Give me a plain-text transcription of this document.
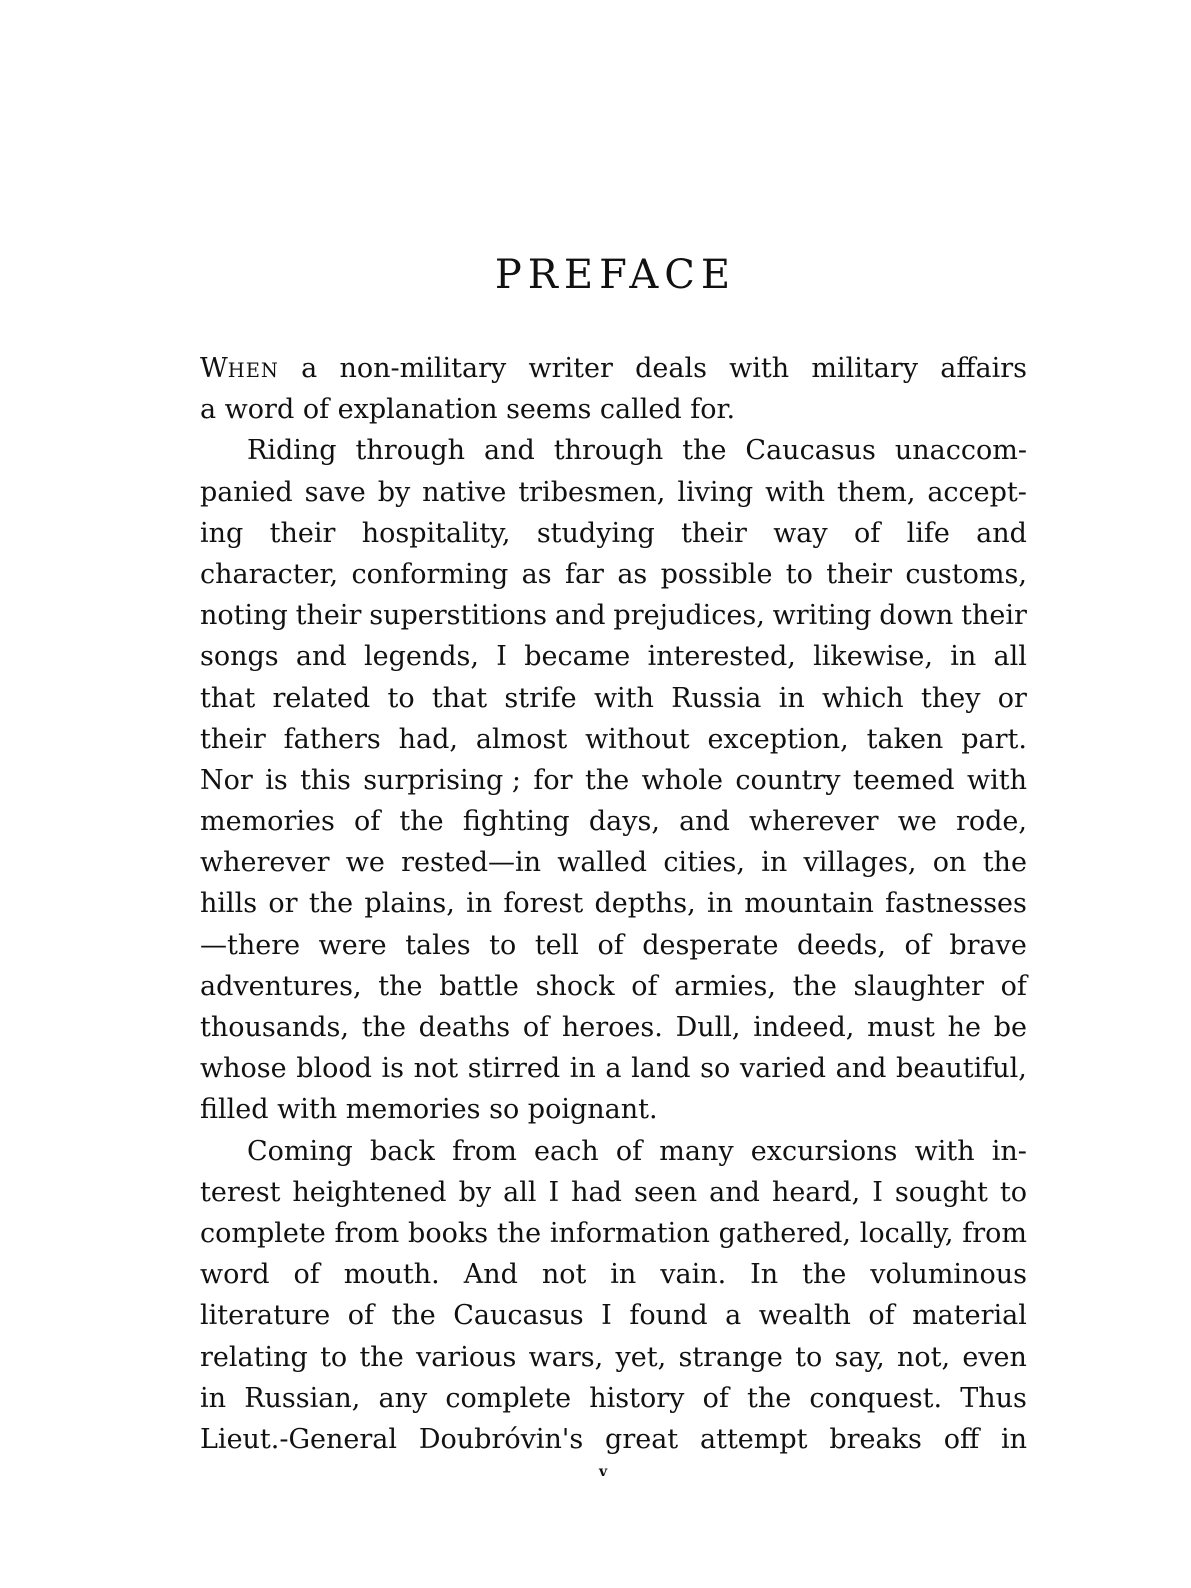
PREFACE
WHEN a non-military writer deals with military affairs
a word of explanation seems called for.
Riding through and through the Caucasus unaccom-
panied save by native tribesmen, living with them, accept-
ing their hospitality, studying their way of life and
character, conforming as far as possible to their customs,
noting their superstitions and prejudices, writing down their
songs and legends, I became interested, likewise, in all
that related to that strife with Russia in which they or
their fathers had, almost without exception, taken part.
Nor is this surprising ; for the whole country teemed with
memories of the fighting days, and wherever we rode,
wherever we rested—in walled cities, in villages, on the
hills or the plains, in forest depths, in mountain fastnesses
—there were tales to tell of desperate deeds, of brave
adventures, the battle shock of armies, the slaughter of
thousands, the deaths of heroes. Dull, indeed, must he be
whose blood is not stirred in a land so varied and beautiful,
filled with memories so poignant.
Coming back from each of many excursions with in-
terest heightened by all I had seen and heard, I sought to
complete from books the information gathered, locally, from
word of mouth. And not in vain. In the voluminous
literature of the Caucasus I found a wealth of material
relating to the various wars, yet, strange to say, not, even
in Russian, any complete history of the conquest. Thus
Lieut.-General Doubróvin's great attempt breaks off in
v
